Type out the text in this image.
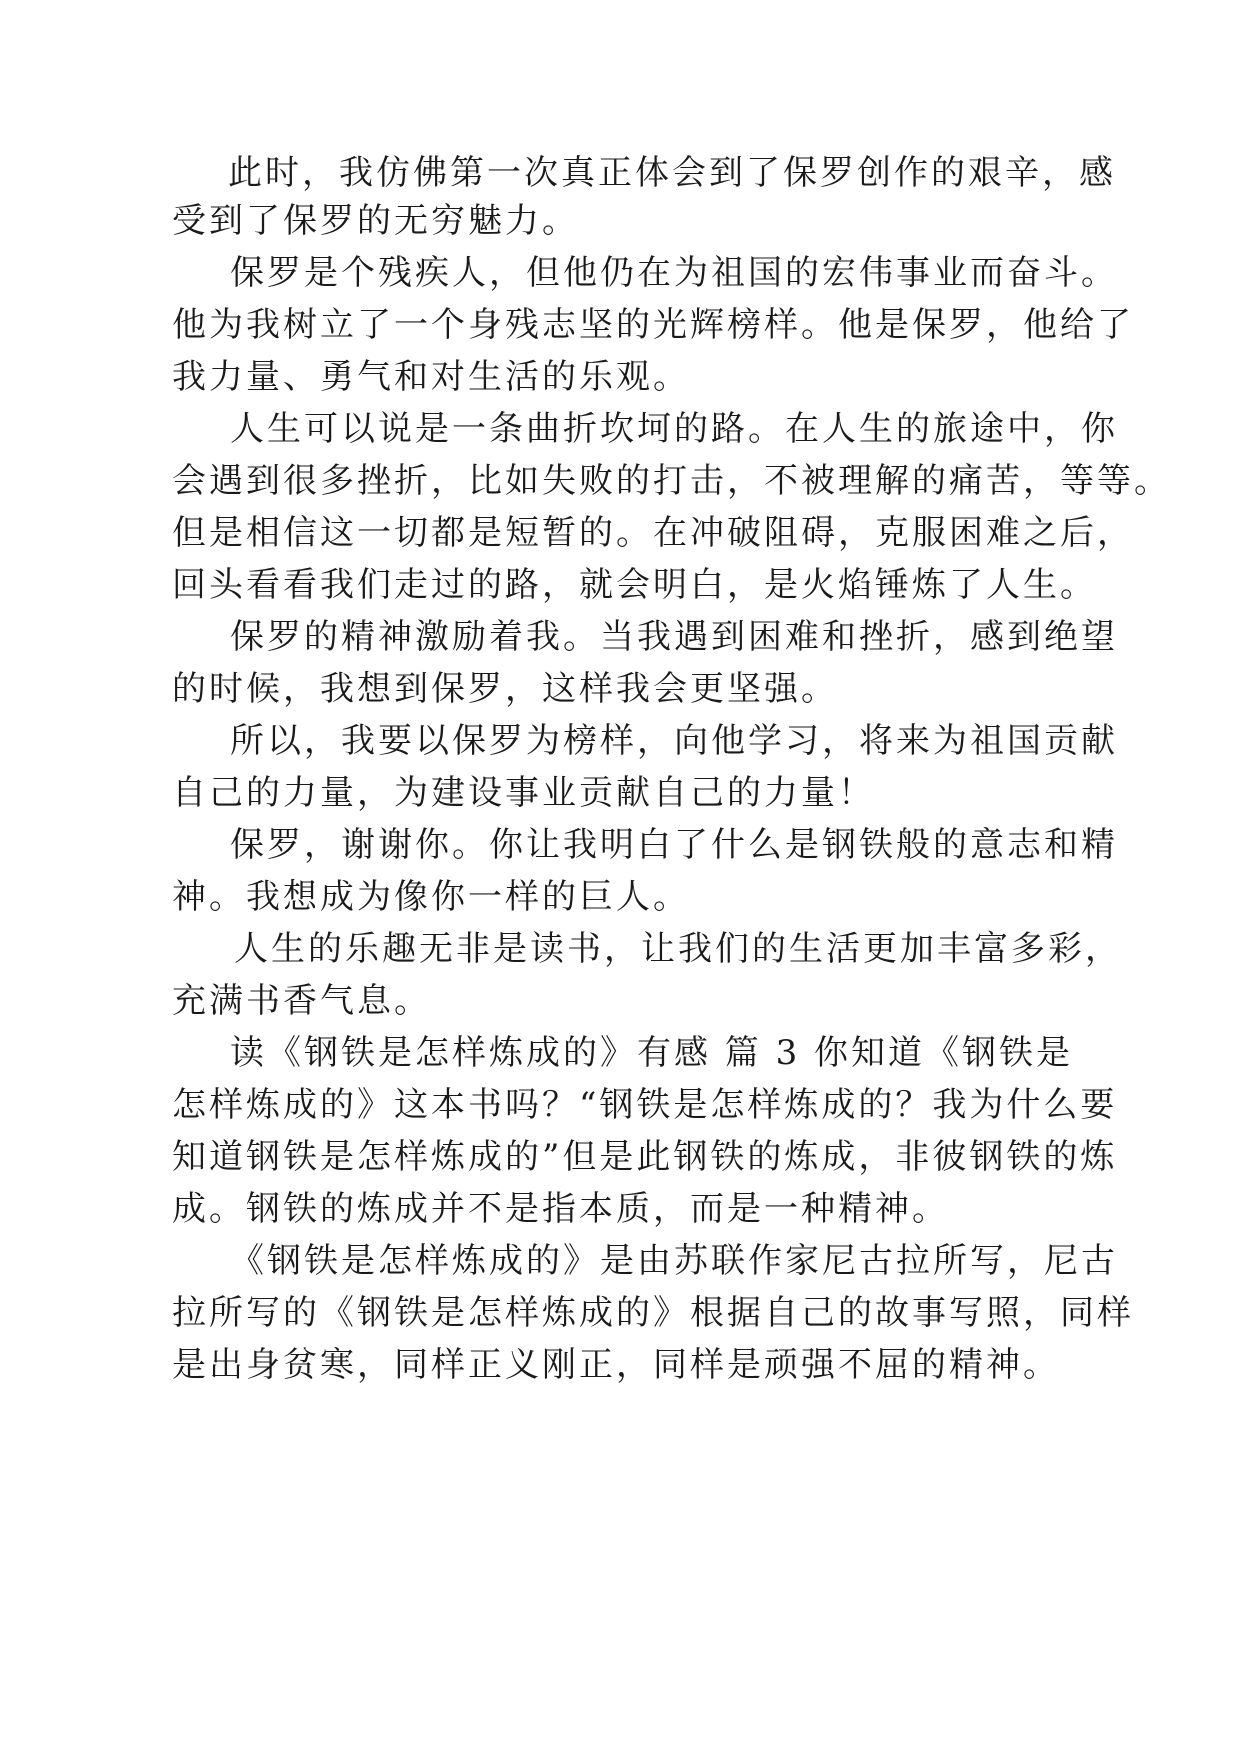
此时，我仿佛第一次真正体会到了保罗创作的艰辛，感
受到了保罗的无穷魅力。
保罗是个残疾人，但他仍在为祖国的宏伟事业而奋斗。
他为我树立了一个身残志坚的光辉榜样。他是保罗，他给了
我力量、勇气和对生活的乐观。
人生可以说是一条曲折坎坷的路。在人生的旅途中，你
会遇到很多挫折，比如失败的打击，不被理解的痛苦，等等。
但是相信这一切都是短暂的。在冲破阻碍，克服困难之后，
回头看看我们走过的路，就会明白，是火焰锤炼了人生。
保罗的精神激励着我。当我遇到困难和挫折，感到绝望
的时候，我想到保罗，这样我会更坚强。
所以，我要以保罗为榜样，向他学习，将来为祖国贡献
自己的力量，为建设事业贡献自己的力量！
保罗，谢谢你。你让我明白了什么是钢铁般的意志和精
神。我想成为像你一样的巨人。
人生的乐趣无非是读书，让我们的生活更加丰富多彩，
充满书香气息。
读《钢铁是怎样炼成的》有感 篇 3 你知道《钢铁是
怎样炼成的》这本书吗？“钢铁是怎样炼成的？我为什么要
知道钢铁是怎样炼成的”但是此钢铁的炼成，非彼钢铁的炼
成。钢铁的炼成并不是指本质，而是一种精神。
《钢铁是怎样炼成的》是由苏联作家尼古拉所写，尼古
拉所写的《钢铁是怎样炼成的》根据自己的故事写照，同样
是出身贫寒，同样正义刚正，同样是顽强不屈的精神。
